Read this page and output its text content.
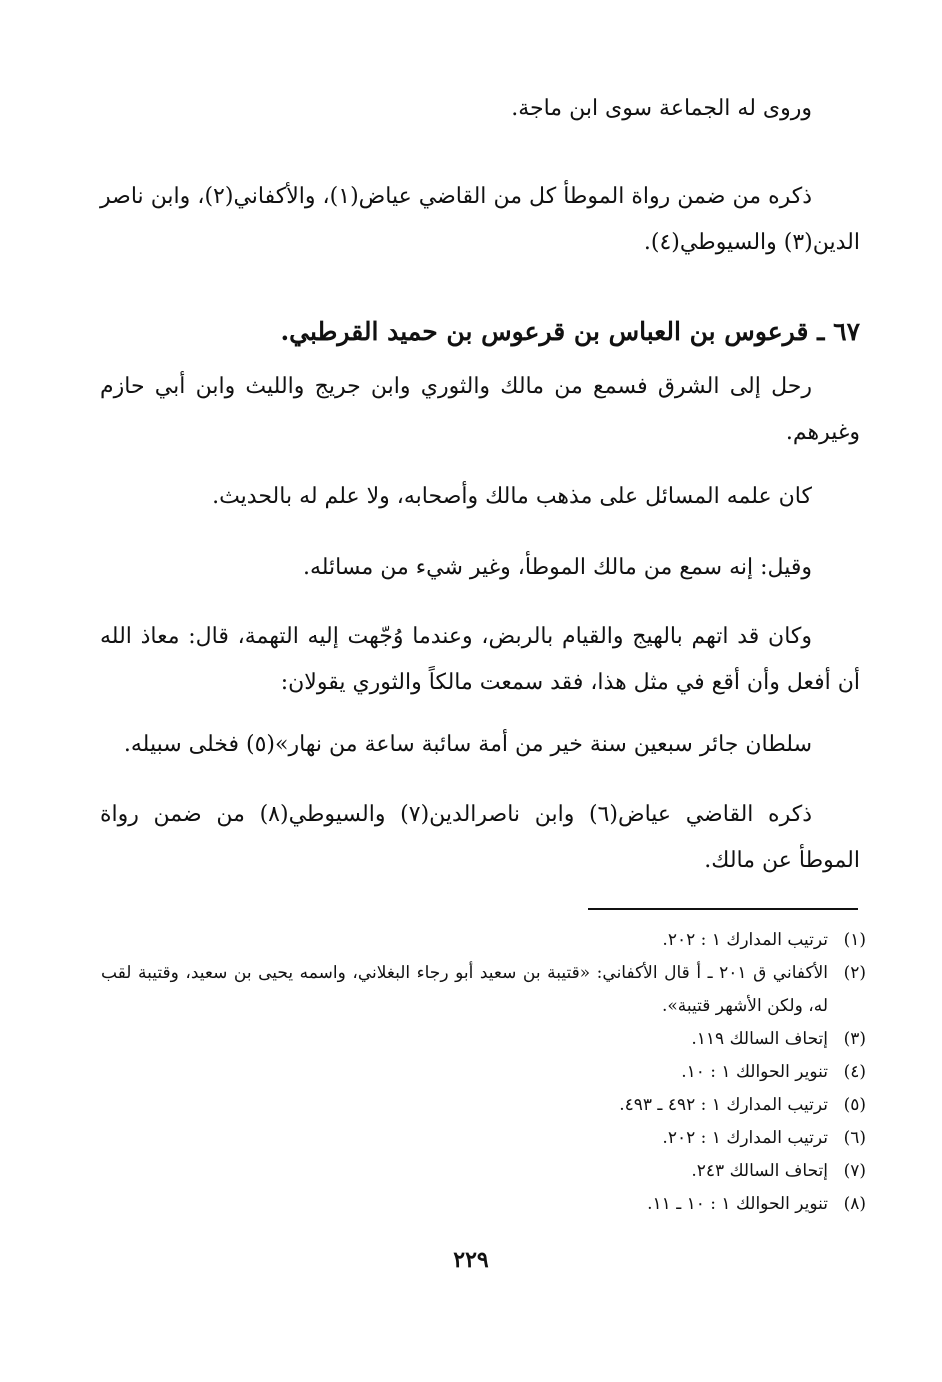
وروى له الجماعة سوى ابن ماجة.

ذكره من ضمن رواة الموطأ كل من القاضي عياض(١)، والأكفاني(٢)، وابن ناصر الدين(٣) والسيوطي(٤).

٦٧ ـ قرعوس بن العباس بن قرعوس بن حميد القرطبي.

رحل إلى الشرق فسمع من مالك والثوري وابن جريج والليث وابن أبي حازم وغيرهم.

كان علمه المسائل على مذهب مالك وأصحابه، ولا علم له بالحديث.

وقيل: إنه سمع من مالك الموطأ، وغير شيء من مسائله.

وكان قد اتهم بالهيج والقيام بالربض، وعندما وُجّهت إليه التهمة، قال: معاذ الله أن أفعل وأن أقع في مثل هذا، فقد سمعت مالكاً والثوري يقولان:

سلطان جائر سبعين سنة خير من أمة سائبة ساعة من نهار»(٥) فخلى سبيله.

ذكره القاضي عياض(٦) وابن ناصرالدين(٧) والسيوطي(٨) من ضمن رواة الموطأ عن مالك.

(١)
ترتيب المدارك ١ : ٢٠٢.
(٢)
الأكفاني ق ٢٠١ ـ أ قال الأكفاني: «قتيبة بن سعيد أبو رجاء البغلاني، واسمه يحيى بن سعيد، وقتيبة لقب له، ولكن الأشهر قتيبة».
(٣)
إتحاف السالك ١١٩.
(٤)
تنوير الحوالك ١ : ١٠.
(٥)
ترتيب المدارك ١ : ٤٩٢ ـ ٤٩٣.
(٦)
ترتيب المدارك ١ : ٢٠٢.
(٧)
إتحاف السالك ٢٤٣.
(٨)
تنوير الحوالك ١ : ١٠ ـ ١١.
٢٢٩
